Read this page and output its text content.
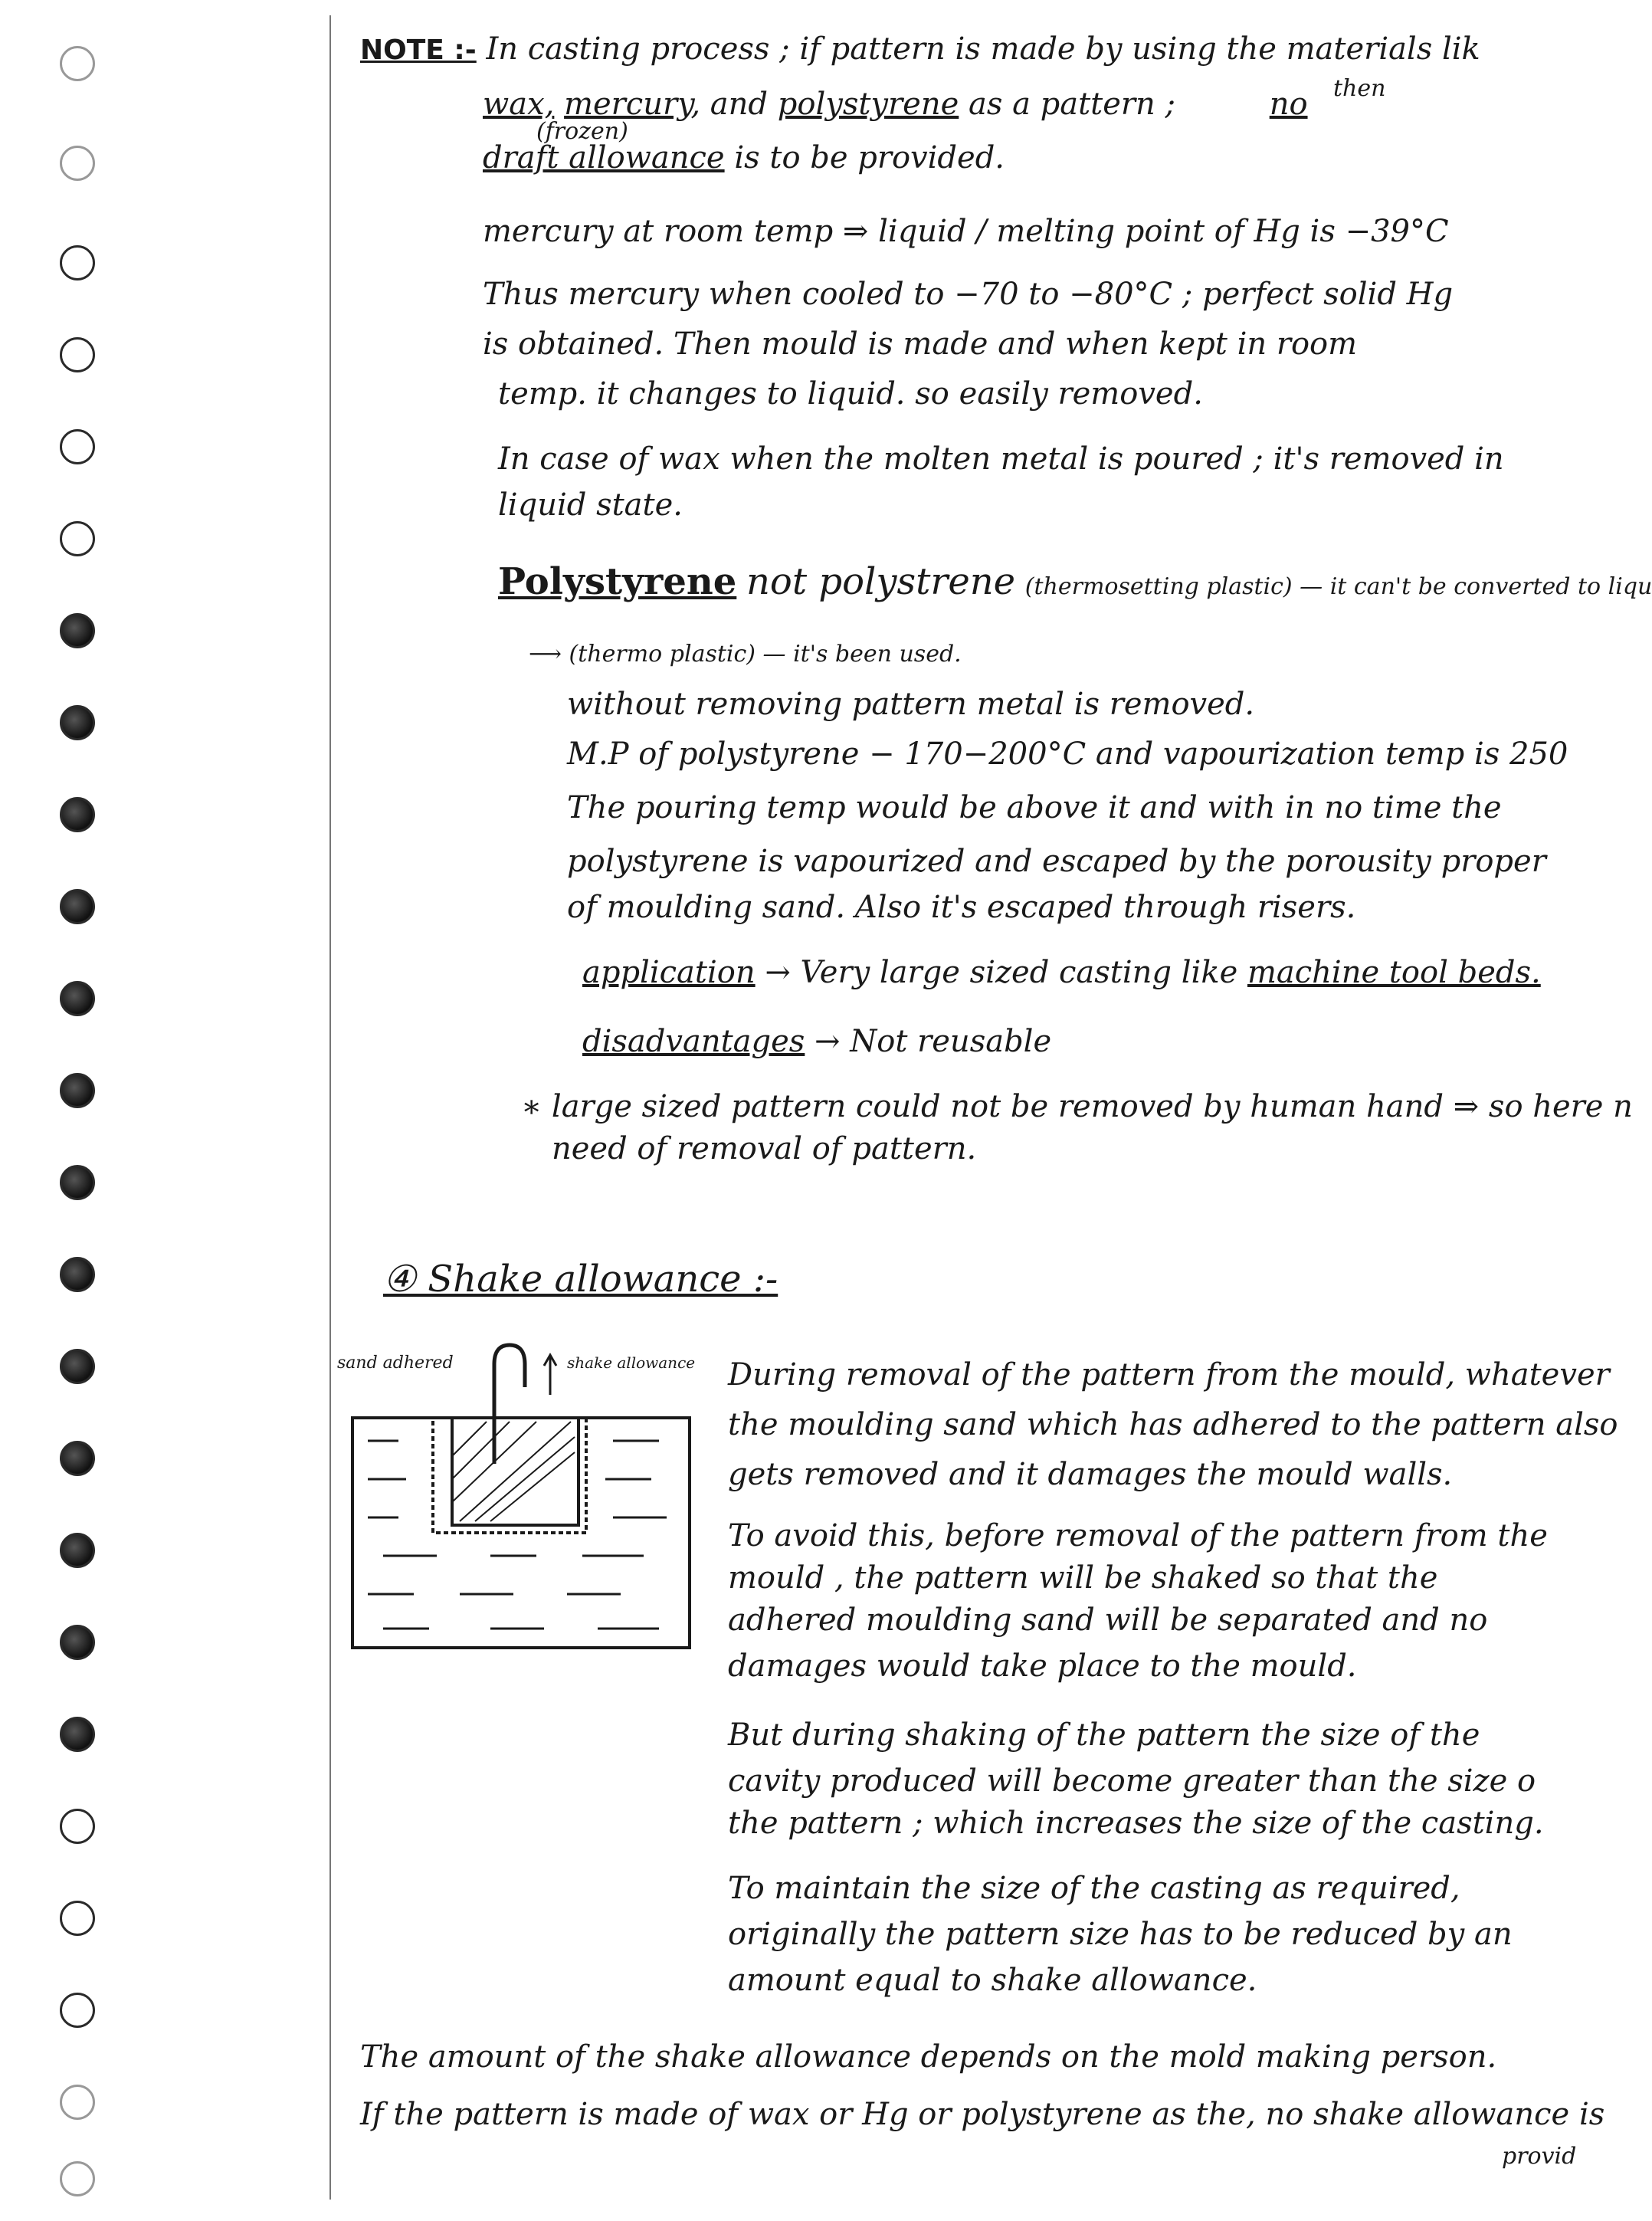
NOTE :- In casting process ; if pattern is made by using the materials lik
(frozen)
then
wax, mercury, and polystyrene as a pattern ;	no
draft allowance is to be provided.
mercury at room temp ⇒ liquid / melting point of Hg is −39°C
Thus mercury when cooled to −70 to −80°C ; perfect solid Hg
is obtained. Then mould is made and when kept in room
temp. it changes to liquid. so easily removed.
In case of wax when the molten metal is poured ; it's removed in
liquid state.
Polystyrene not polystrene (thermosetting plastic) — it can't be converted to liqu
⟶ (thermo plastic) — it's been used.
without removing pattern metal is removed.
M.P of polystyrene − 170−200°C and vapourization temp is 250
The pouring temp would be above it and with in no time the
polystyrene is vapourized and escaped by the porousity proper
of moulding sand. Also it's escaped through risers.
application → Very large sized casting like machine tool beds.
disadvantages → Not reusable
∗ large sized pattern could not be removed by human hand ⇒ so here n
need of removal of pattern.
④ Shake allowance :-
sand adhered	shake allowance During removal of the pattern from the mould, whatever
the moulding sand which has adhered to the pattern also
gets removed and it damages the mould walls.
To avoid this, before removal of the pattern from the
mould , the pattern will be shaked so that the
adhered moulding sand will be separated and no
damages would take place to the mould.
But during shaking of the pattern the size of the
cavity produced will become greater than the size o
the pattern ; which increases the size of the casting.
To maintain the size of the casting as required,
originally the pattern size has to be reduced by an
amount equal to shake allowance.
The amount of the shake allowance depends on the mold making person.
If the pattern is made of wax or Hg or polystyrene as the, no shake allowance is
provid
